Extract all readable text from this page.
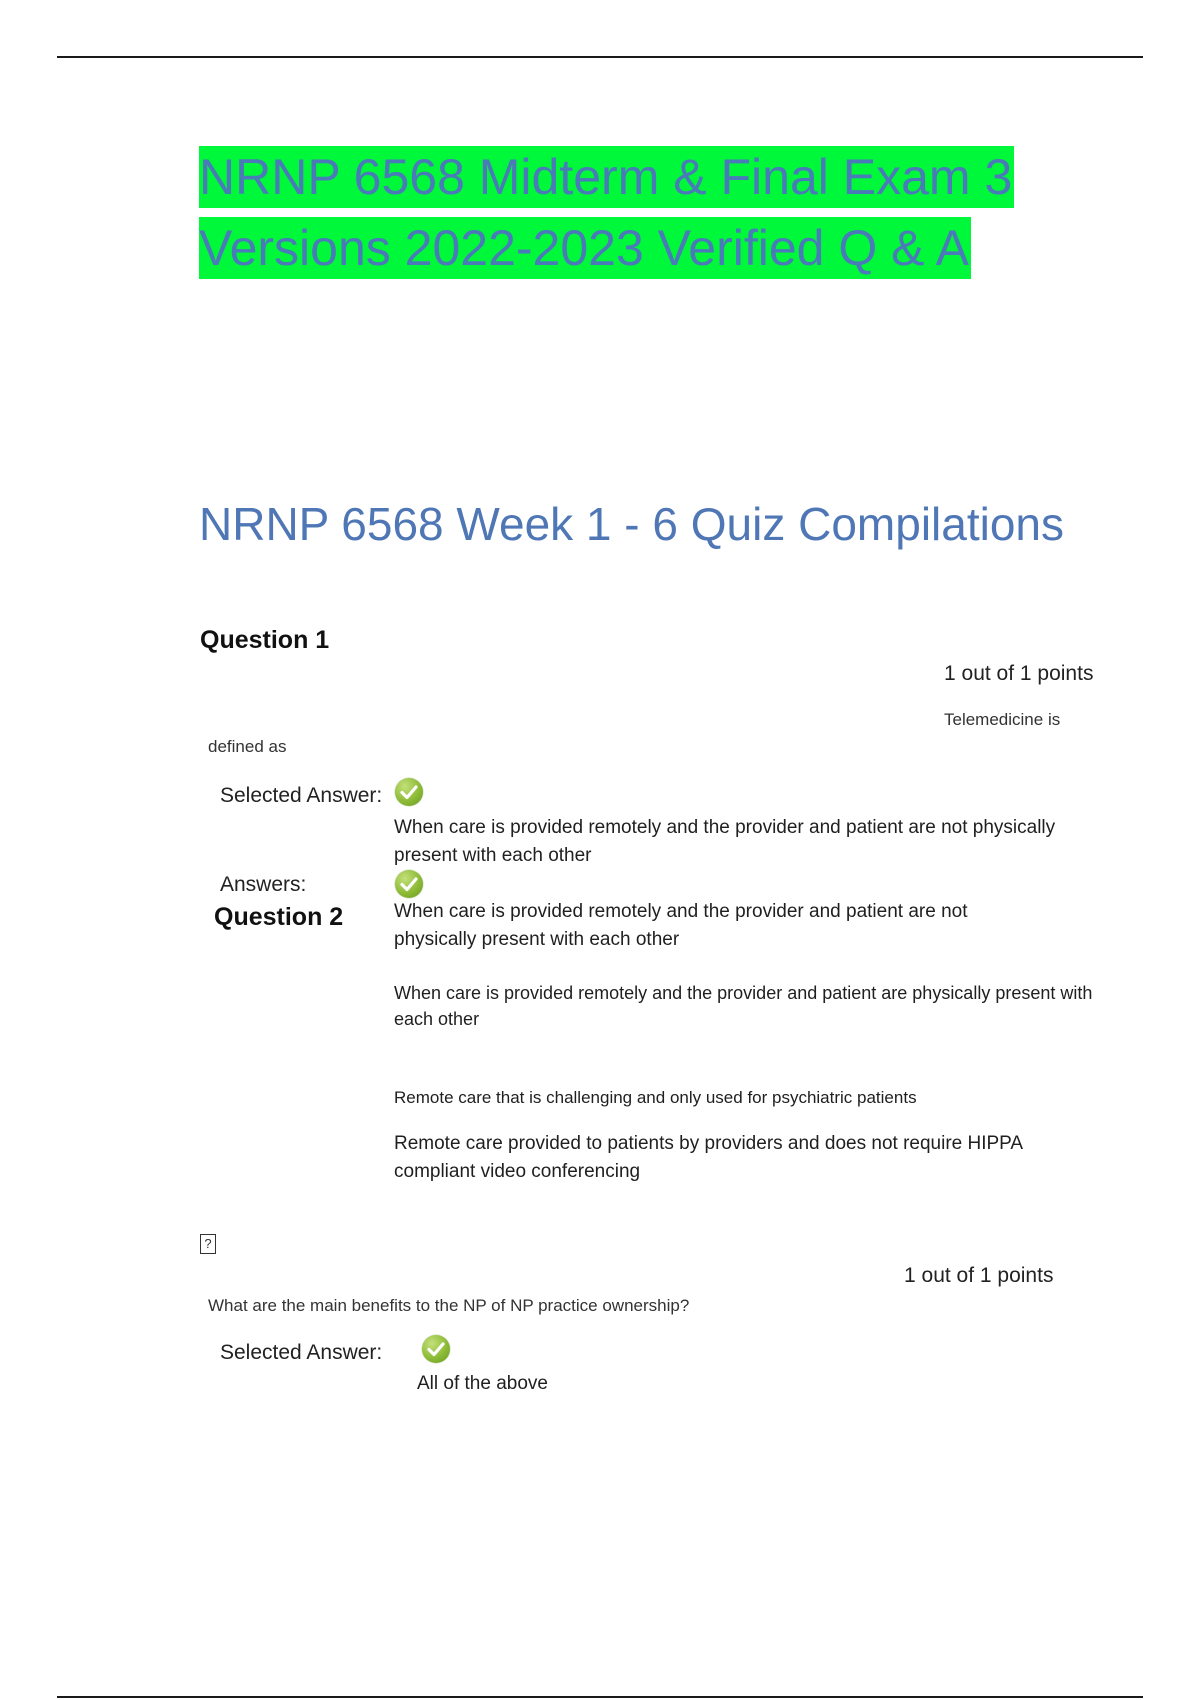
NRNP 6568 Midterm & Final Exam 3
Versions 2022-2023 Verified Q & A
NRNP 6568 Week 1 - 6 Quiz Compilations
Question 1
1 out of 1 points
Telemedicine is
defined as
Selected Answer:
When care is provided remotely and the provider and patient are not physically present with each other
Answers:
Question 2	When care is provided remotely and the provider and patient are not physically present with each other
When care is provided remotely and the provider and patient are physically present with each other
Remote care that is challenging and only used for psychiatric patients
Remote care provided to patients by providers and does not require HIPPA compliant video conferencing
?
1 out of 1 points
What are the main benefits to the NP of NP practice ownership?
Selected Answer:
All of the above
